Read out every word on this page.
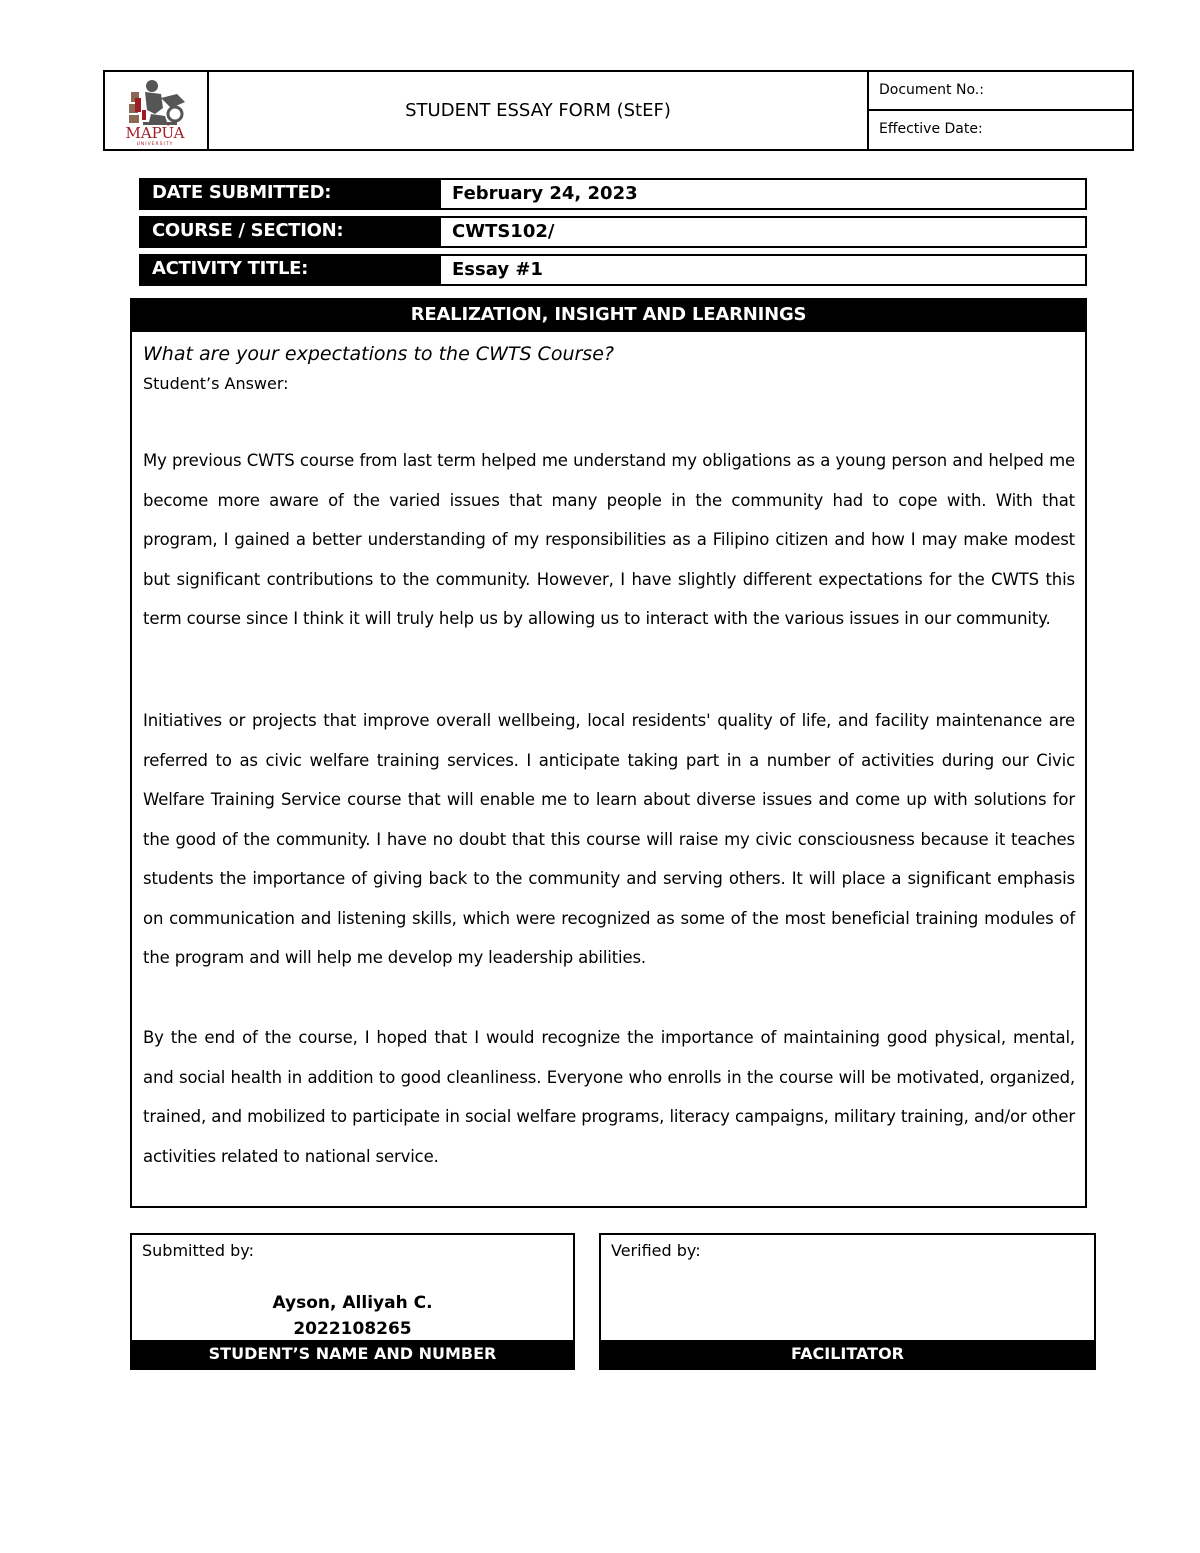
MAPÚA
UNIVERSITY
STUDENT ESSAY FORM (StEF)
Document No.:
Effective Date:
DATE SUBMITTED:	February 24, 2023
COURSE / SECTION:	CWTS102/
ACTIVITY TITLE:	Essay #1
REALIZATION, INSIGHT AND LEARNINGS
What are your expectations to the CWTS Course?
Student’s Answer:

My previous CWTS course from last term helped me understand my obligations as a young person and helped me become more aware of the varied issues that many people in the community had to cope with. With that program, I gained a better understanding of my responsibilities as a Filipino citizen and how I may make modest but significant contributions to the community. However, I have slightly different expectations for the CWTS this term course since I think it will truly help us by allowing us to interact with the various issues in our community.

Initiatives or projects that improve overall wellbeing, local residents' quality of life, and facility maintenance are referred to as civic welfare training services. I anticipate taking part in a number of activities during our Civic Welfare Training Service course that will enable me to learn about diverse issues and come up with solutions for the good of the community. I have no doubt that this course will raise my civic consciousness because it teaches students the importance of giving back to the community and serving others. It will place a significant emphasis on communication and listening skills, which were recognized as some of the most beneficial training modules of the program and will help me develop my leadership abilities.

By the end of the course, I hoped that I would recognize the importance of maintaining good physical, mental, and social health in addition to good cleanliness. Everyone who enrolls in the course will be motivated, organized, trained, and mobilized to participate in social welfare programs, literacy campaigns, military training, and/or other activities related to national service.

Submitted by:
Ayson, Alliyah C.
2022108265
STUDENT’S NAME AND NUMBER
Verified by:
FACILITATOR
